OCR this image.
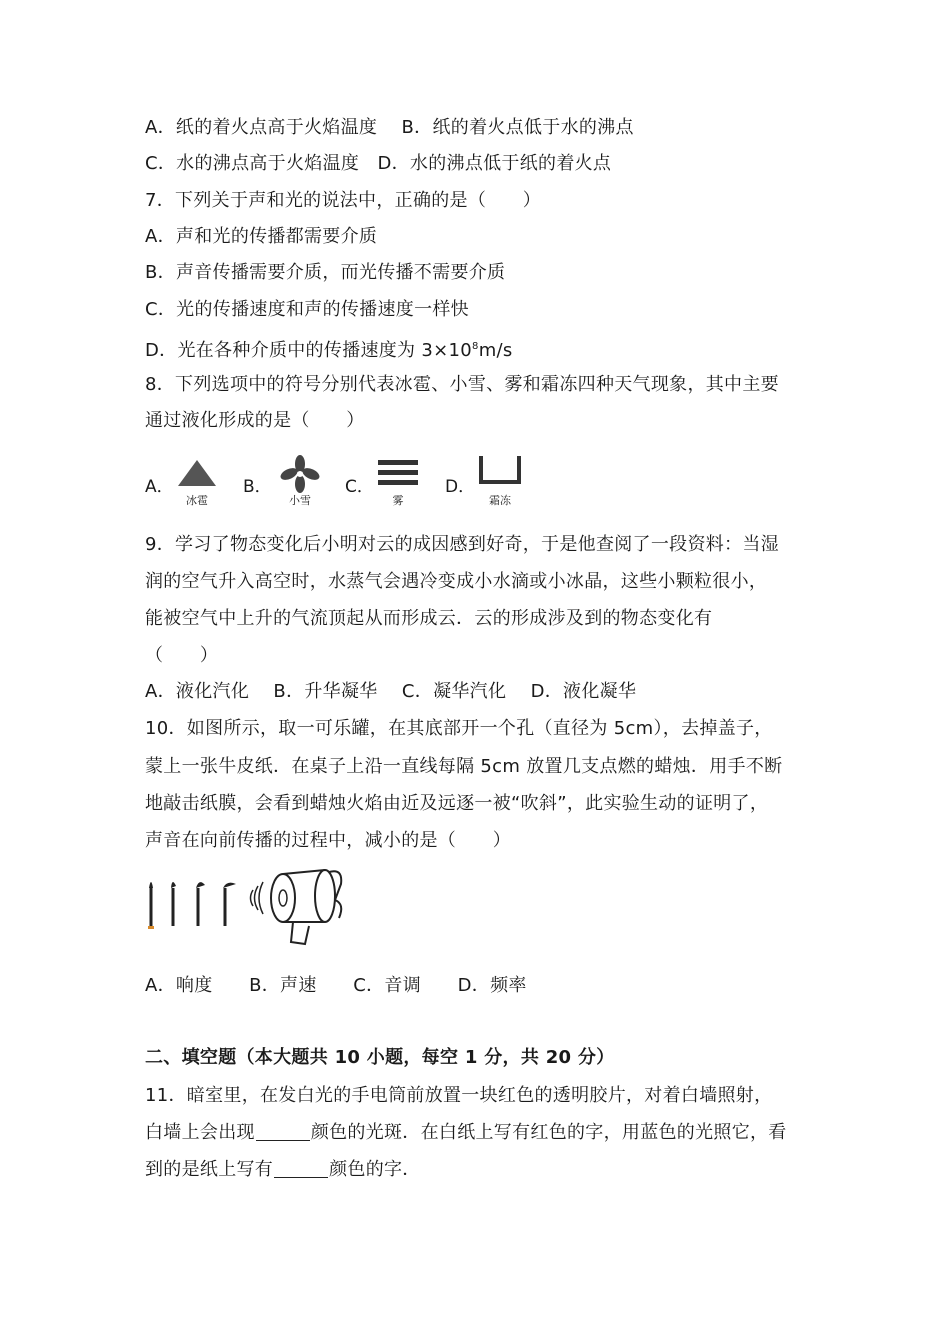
A．纸的着火点高于火焰温度　 B．纸的着火点低于水的沸点
C．水的沸点高于火焰温度　D．水的沸点低于纸的着火点
7．下列关于声和光的说法中，正确的是（　　）
A．声和光的传播都需要介质
B．声音传播需要介质，而光传播不需要介质
C．光的传播速度和声的传播速度一样快
D．光在各种介质中的传播速度为 $3\times 10^8m/s$
8．下列选项中的符号分别代表冰雹、小雪、雾和霜冻四种天气现象，其中主要
通过液化形成的是（　　）
A．
冰雹
B．
小雪
C．
雾
D．
霜冻
9．学习了物态变化后小明对云的成因感到好奇，于是他查阅了一段资料：当湿
润的空气升入高空时，水蒸气会遇冷变成小水滴或小冰晶，这些小颗粒很小，
能被空气中上升的气流顶起从而形成云．云的形成涉及到的物态变化有
（　　）
A．液化汽化　 B．升华凝华　 C．凝华汽化　 D．液化凝华
10．如图所示，取一可乐罐，在其底部开一个孔（直径为 5cm），去掉盖子，
蒙上一张牛皮纸．在桌子上沿一直线每隔 5cm 放置几支点燃的蜡烛．用手不断
地敲击纸膜，会看到蜡烛火焰由近及远逐一被“吹斜”，此实验生动的证明了，
声音在向前传播的过程中，减小的是（　　）
A．响度　　B．声速　　C．音调　　D．频率
二、填空题（本大题共 10 小题，每空 1 分，共 20 分）
11．暗室里，在发白光的手电筒前放置一块红色的透明胶片，对着白墙照射，
白墙上会出现	颜色的光斑．在白纸上写有红色的字，用蓝色的光照它，看
到的是纸上写有	颜色的字．
